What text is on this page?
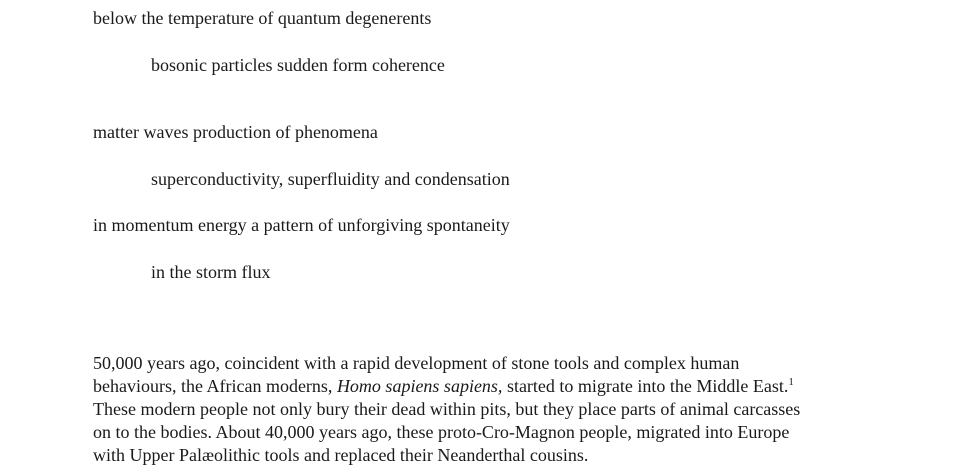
below the temperature of quantum degenerents
bosonic particles sudden form coherence
matter waves production of phenomena
superconductivity, superfluidity and condensation
in momentum energy a pattern of unforgiving spontaneity
in the storm flux
50,000 years ago, coincident with a rapid development of stone tools and complex human
behaviours, the African moderns, Homo sapiens sapiens, started to migrate into the Middle East.$^1$
These modern people not only bury their dead within pits, but they place parts of animal carcasses
on to the bodies. About 40,000 years ago, these proto-Cro-Magnon people, migrated into Europe
with Upper Palæolithic tools and replaced their Neanderthal cousins.
